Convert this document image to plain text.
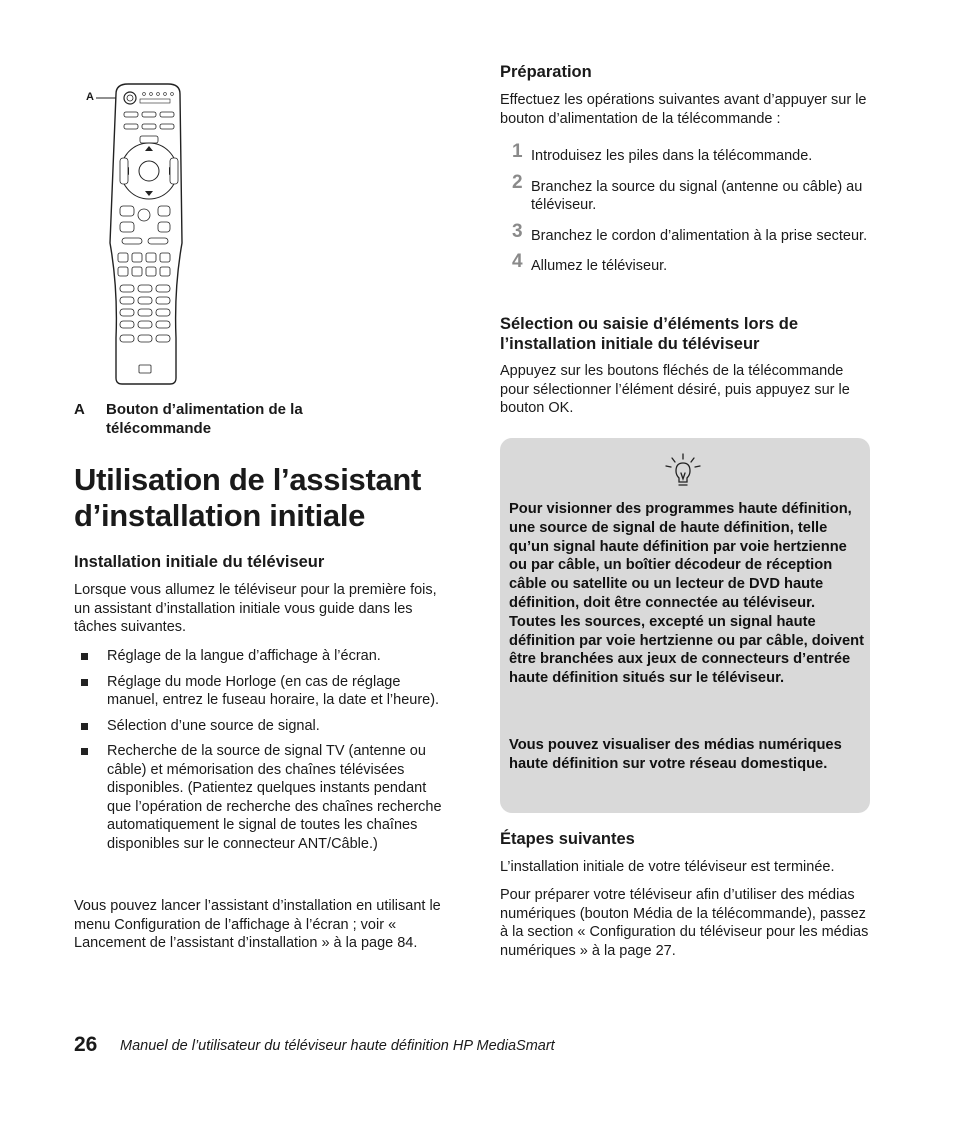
A
A Bouton d’alimentation de la télécommande
Utilisation de l’assistant d’installation initiale
Installation initiale du téléviseur

Lorsque vous allumez le téléviseur pour la première fois, un assistant d’installation initiale vous guide dans les tâches suivantes.

Réglage de la langue d’affichage à l’écran.
Réglage du mode Horloge (en cas de réglage manuel, entrez le fuseau horaire, la date et l’heure).
Sélection d’une source de signal.
Recherche de la source de signal TV (antenne ou câble) et mémorisation des chaînes télévisées disponibles. (Patientez quelques instants pendant que l’opération de recherche des chaînes recherche automatiquement le signal de toutes les chaînes disponibles sur le connecteur ANT/Câble.)

Vous pouvez lancer l’assistant d’installation en utilisant le menu Configuration de l’affichage à l’écran ; voir « Lancement de l’assistant d’installation » à la page 84.

Préparation

Effectuez les opérations suivantes avant d’appuyer sur le bouton d’alimentation de la télécommande :

1 Introduisez les piles dans la télécommande.
2 Branchez la source du signal (antenne ou câble) au téléviseur.
3 Branchez le cordon d’alimentation à la prise secteur.
4 Allumez le téléviseur.
Sélection ou saisie d’éléments lors de l’installation initiale du téléviseur

Appuyez sur les boutons fléchés de la télécommande pour sélectionner l’élément désiré, puis appuyez sur le bouton OK.

Pour visionner des programmes haute définition, une source de signal de haute définition, telle qu’un signal haute définition par voie hertzienne ou par câble, un boîtier décodeur de réception câble ou satellite ou un lecteur de DVD haute définition, doit être connectée au téléviseur. Toutes les sources, excepté un signal haute définition par voie hertzienne ou par câble, doivent être branchées aux jeux de connecteurs d’entrée haute définition situés sur le téléviseur.

Vous pouvez visualiser des médias numériques haute définition sur votre réseau domestique.

Étapes suivantes

L’installation initiale de votre téléviseur est terminée.

Pour préparer votre téléviseur afin d’utiliser des médias numériques (bouton Média de la télécommande), passez à la section « Configuration du téléviseur pour les médias numériques » à la page 27.

26 Manuel de l’utilisateur du téléviseur haute définition HP MediaSmart
